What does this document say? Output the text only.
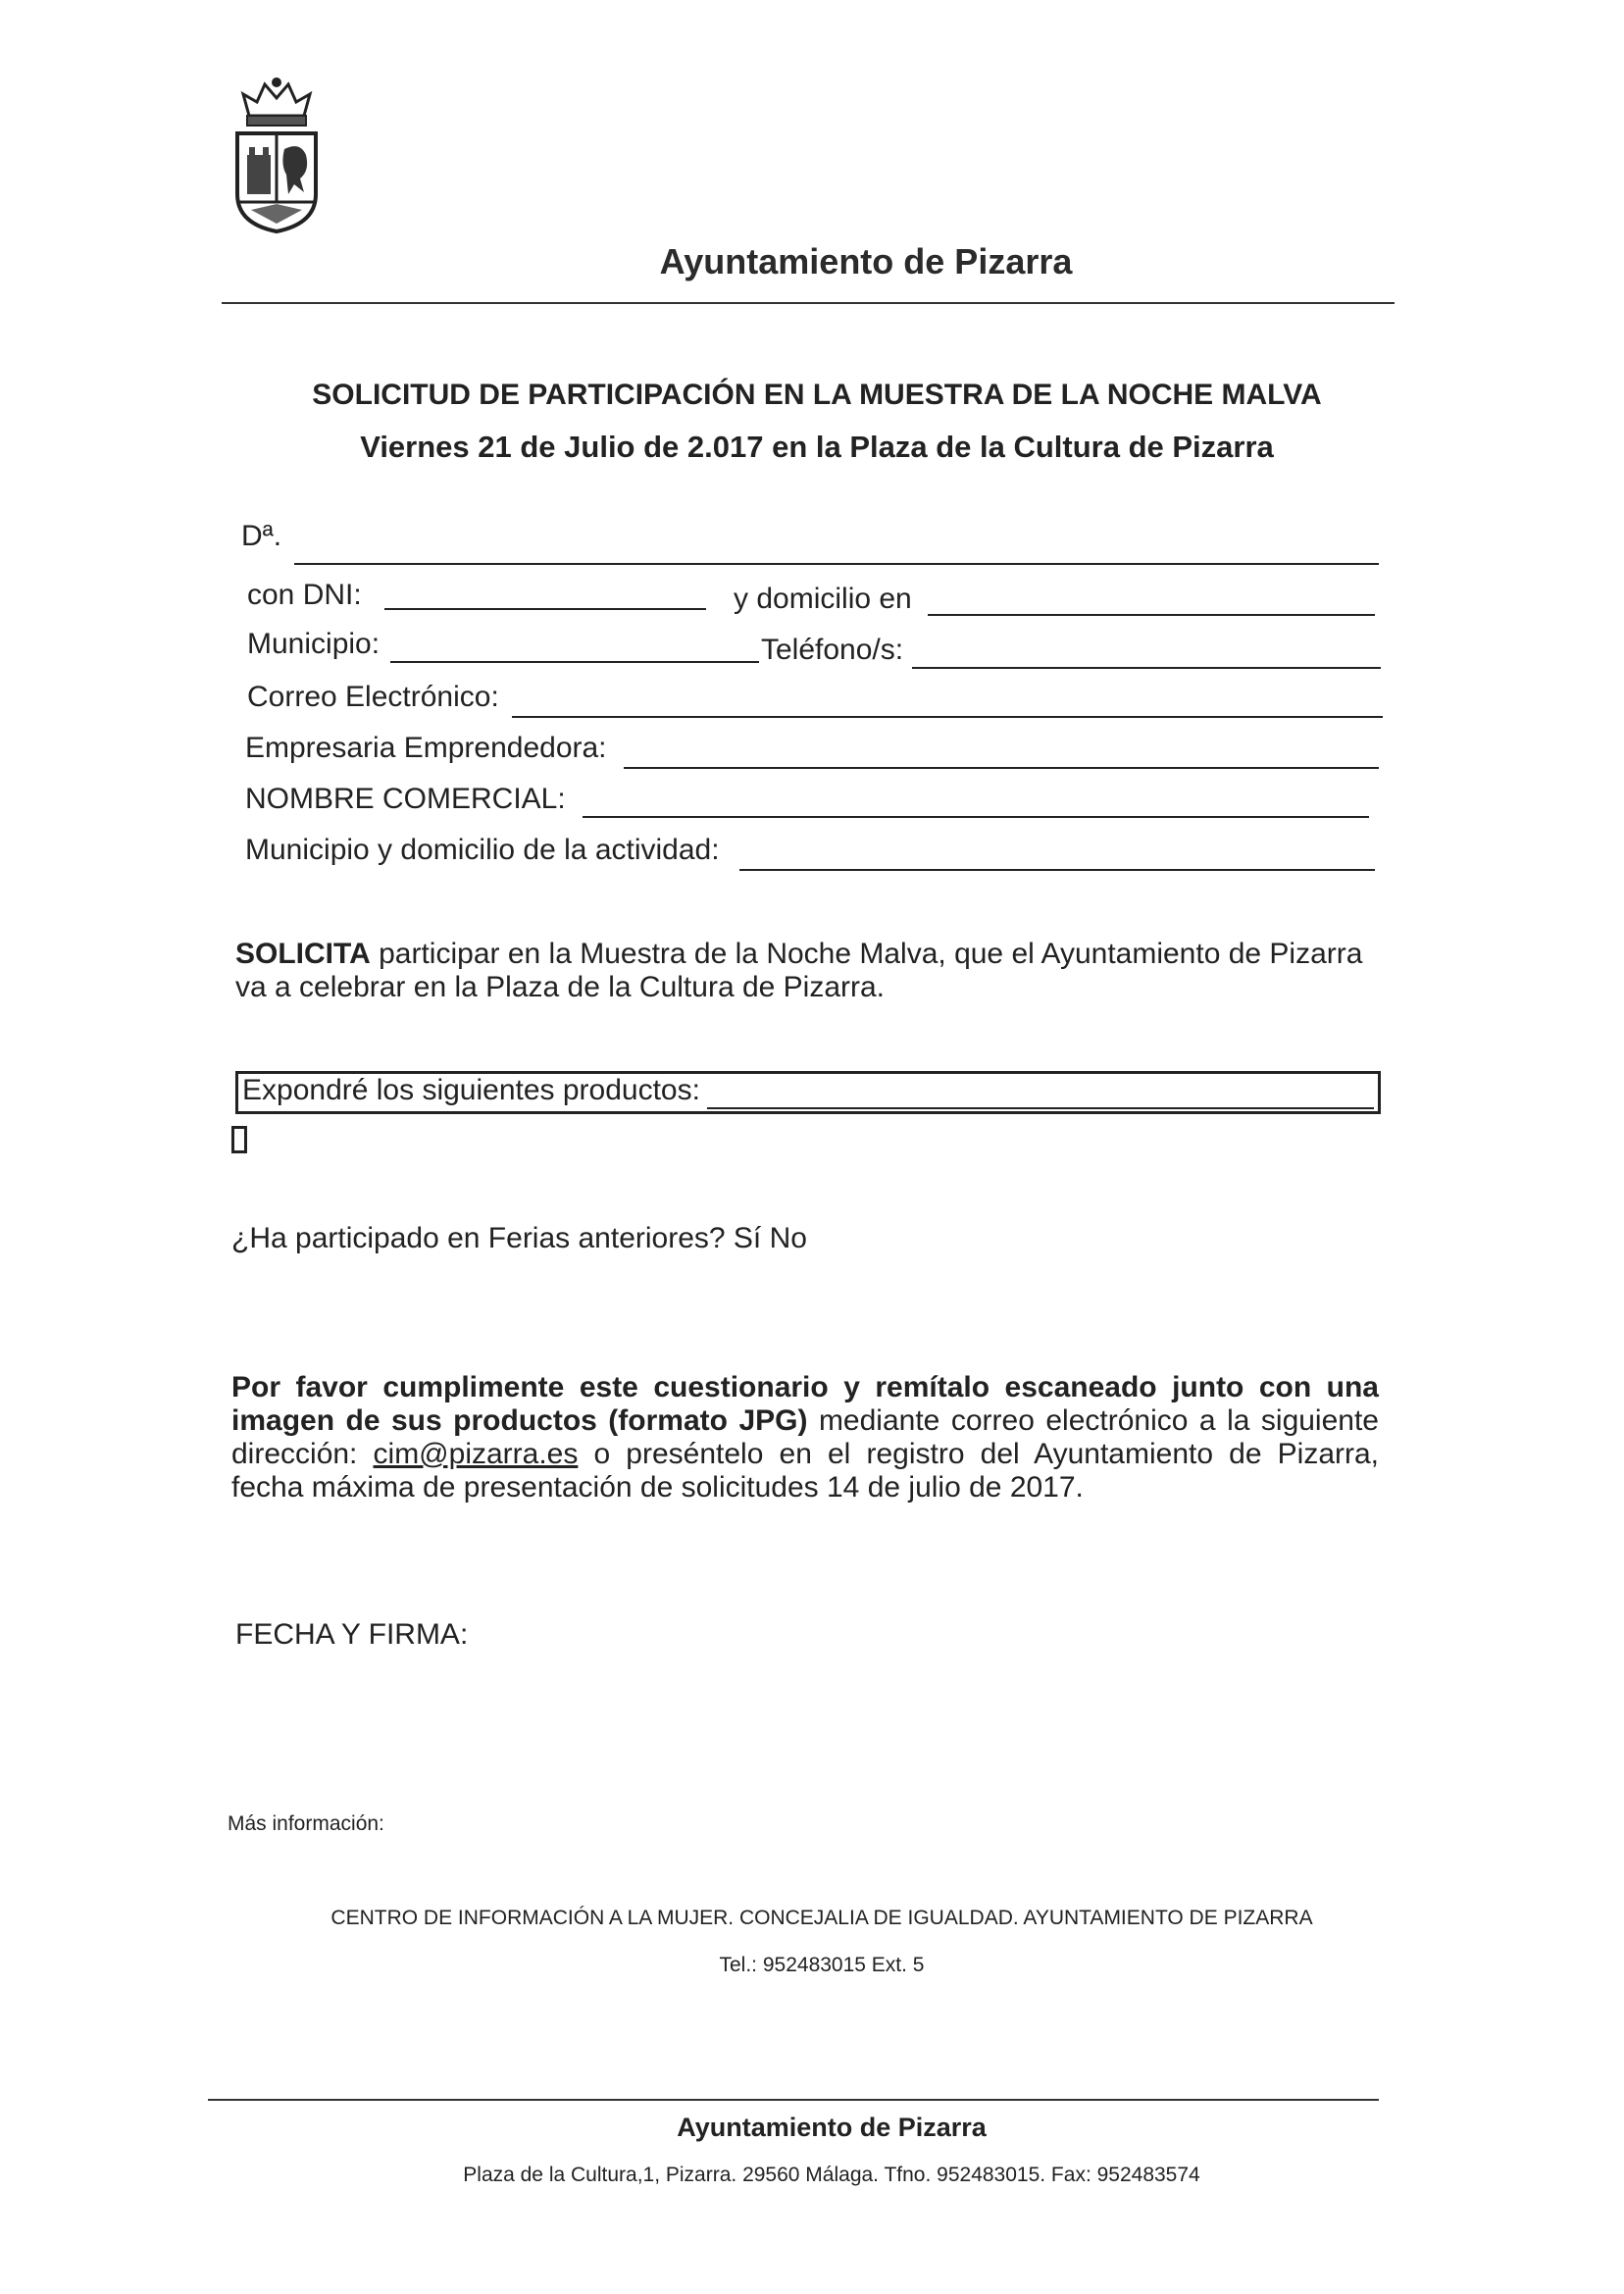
Ayuntamiento de Pizarra
SOLICITUD DE PARTICIPACIÓN EN LA MUESTRA DE LA NOCHE MALVA
Viernes 21 de Julio de 2.017 en la Plaza de la Cultura de Pizarra
Dª.
con DNI:	y domicilio en
Municipio:	Teléfono/s:
Correo Electrónico:
Empresaria Emprendedora:
NOMBRE COMERCIAL:
Municipio y domicilio de la actividad:
SOLICITA participar en la Muestra de la Noche Malva, que el Ayuntamiento de Pizarra va a celebrar en la Plaza de la Cultura de Pizarra.
Expondré los siguientes productos:
¿Ha participado en Ferias anteriores? Sí No
Por favor cumplimente este cuestionario y remítalo escaneado junto con una imagen de sus productos (formato JPG) mediante correo electrónico a la siguiente dirección: cim@pizarra.es o preséntelo en el registro del Ayuntamiento de Pizarra, fecha máxima de presentación de solicitudes 14 de julio de 2017.
FECHA Y FIRMA:
Más información:
CENTRO DE INFORMACIÓN A LA MUJER. CONCEJALIA DE IGUALDAD. AYUNTAMIENTO DE PIZARRA
Tel.: 952483015 Ext. 5
Ayuntamiento de Pizarra
Plaza de la Cultura,1, Pizarra. 29560 Málaga. Tfno. 952483015. Fax: 952483574
